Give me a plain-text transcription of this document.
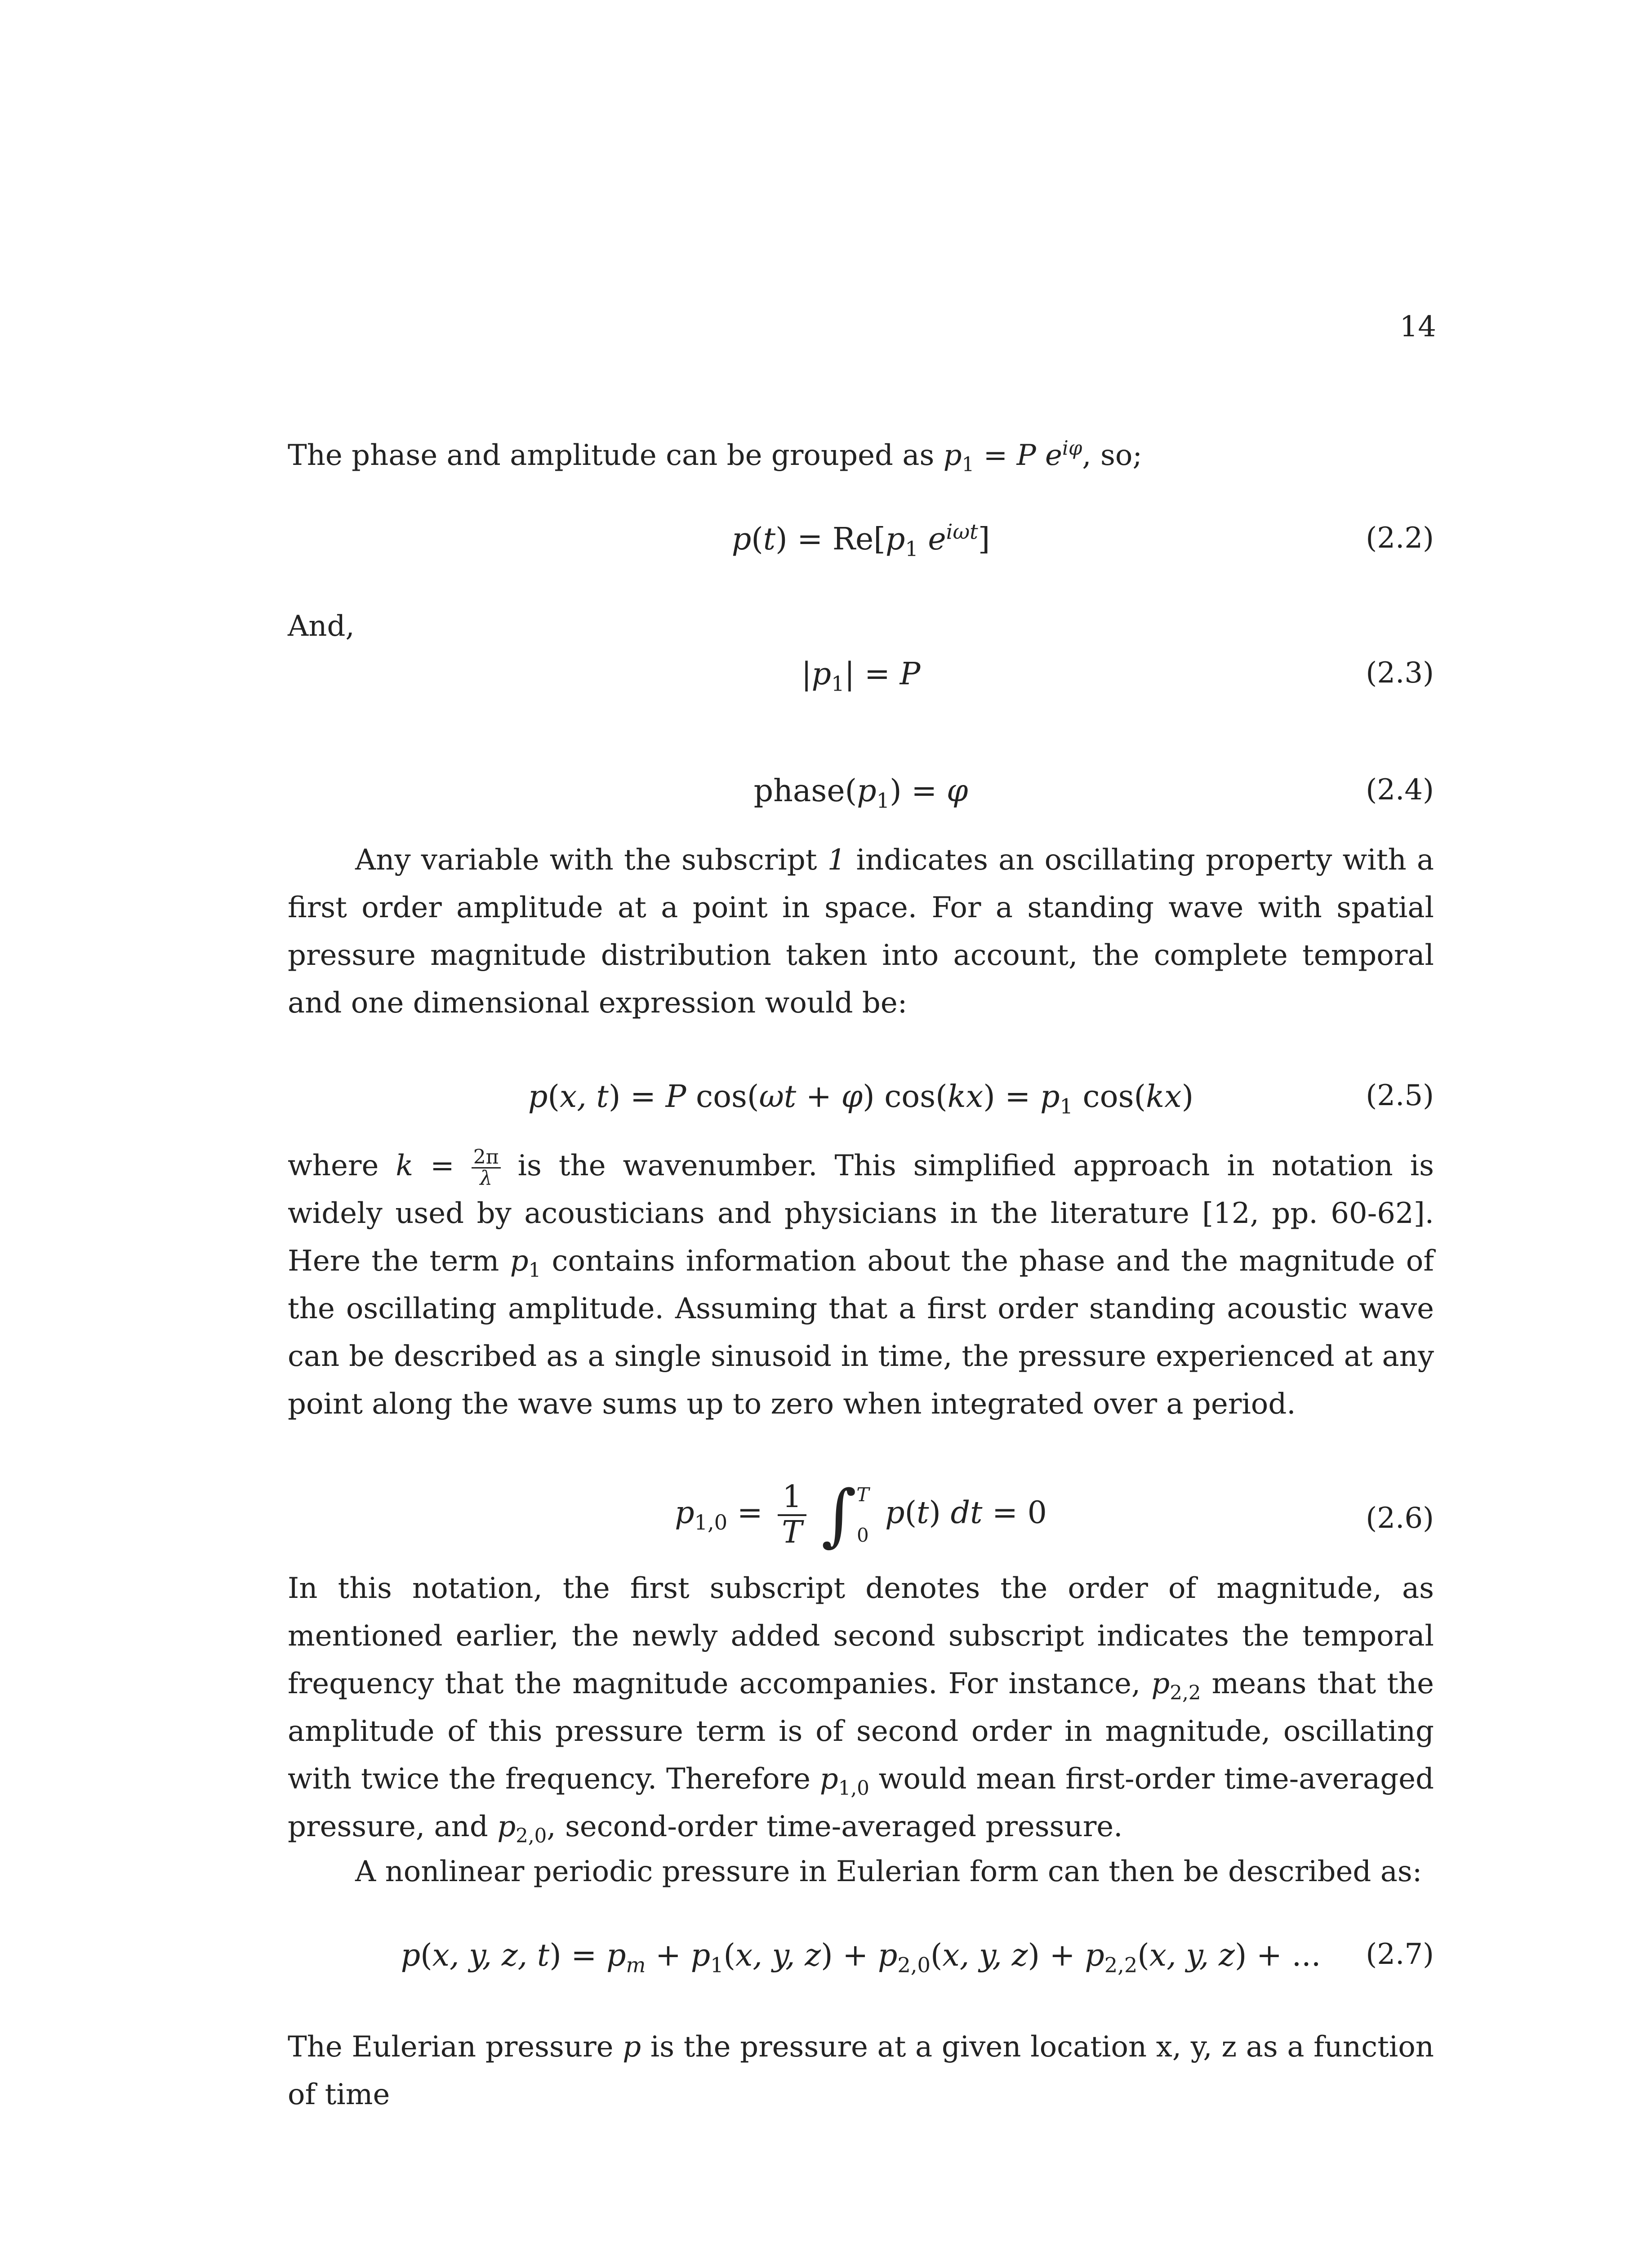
14
The phase and amplitude can be grouped as $p_1 = P$ $e^{i\varphi}$, so;
$p(t) = Re[p_1$ $e^{i\omega t}$]	(2.2)
And,
$|p_1| = P$	(2.3)
$phase(p_1) = \varphi$	(2.4)
Any variable with the subscript 1 indicates an oscillating property with a first order amplitude at a point in space. For a standing wave with spatial pressure magnitude distribution taken into account, the complete temporal and one dimensional expression would be:
p(x, t) = P cos(ωt + φ) $\cos(kx) = p_1$ cos(kx)	(2.5)
where $k = \frac{2\pi}{\lambda}$ is the wavenumber. This simplified approach in notation is widely used by acousticians and physicians in the literature [12, pp. 60-62]. Here the term $p_1$ contains information about the phase and the magnitude of the oscillating amplitude. Assuming that a first order standing acoustic wave can be described as a single sinusoid in time, the pressure experienced at any point along the wave sums up to zero when integrated over a period.
$p_{1,0} = \frac{1}{T}$ ∫ T
0
p(t) dt = 0	(2.6)
In this notation, the first subscript denotes the order of magnitude, as mentioned earlier, the newly added second subscript indicates the temporal frequency that the magnitude accompanies. For instance, $p_{2,2}$ means that the amplitude of this pressure term is of second order in magnitude, oscillating with twice the frequency. Therefore $p_{1,0}$ would mean first-order time-averaged pressure, and $p_{2,0}$, second-order time-averaged pressure.
A nonlinear periodic pressure in Eulerian form can then be described as:
p(x, y, z, $t) = p_m + p_1(x$, y, $z) + p_{2,0}(x$, y, $z) + p_{2,2}(x$, y, z) + ...	(2.7)
The Eulerian pressure p is the pressure at a given location x, y, z as a function of time
